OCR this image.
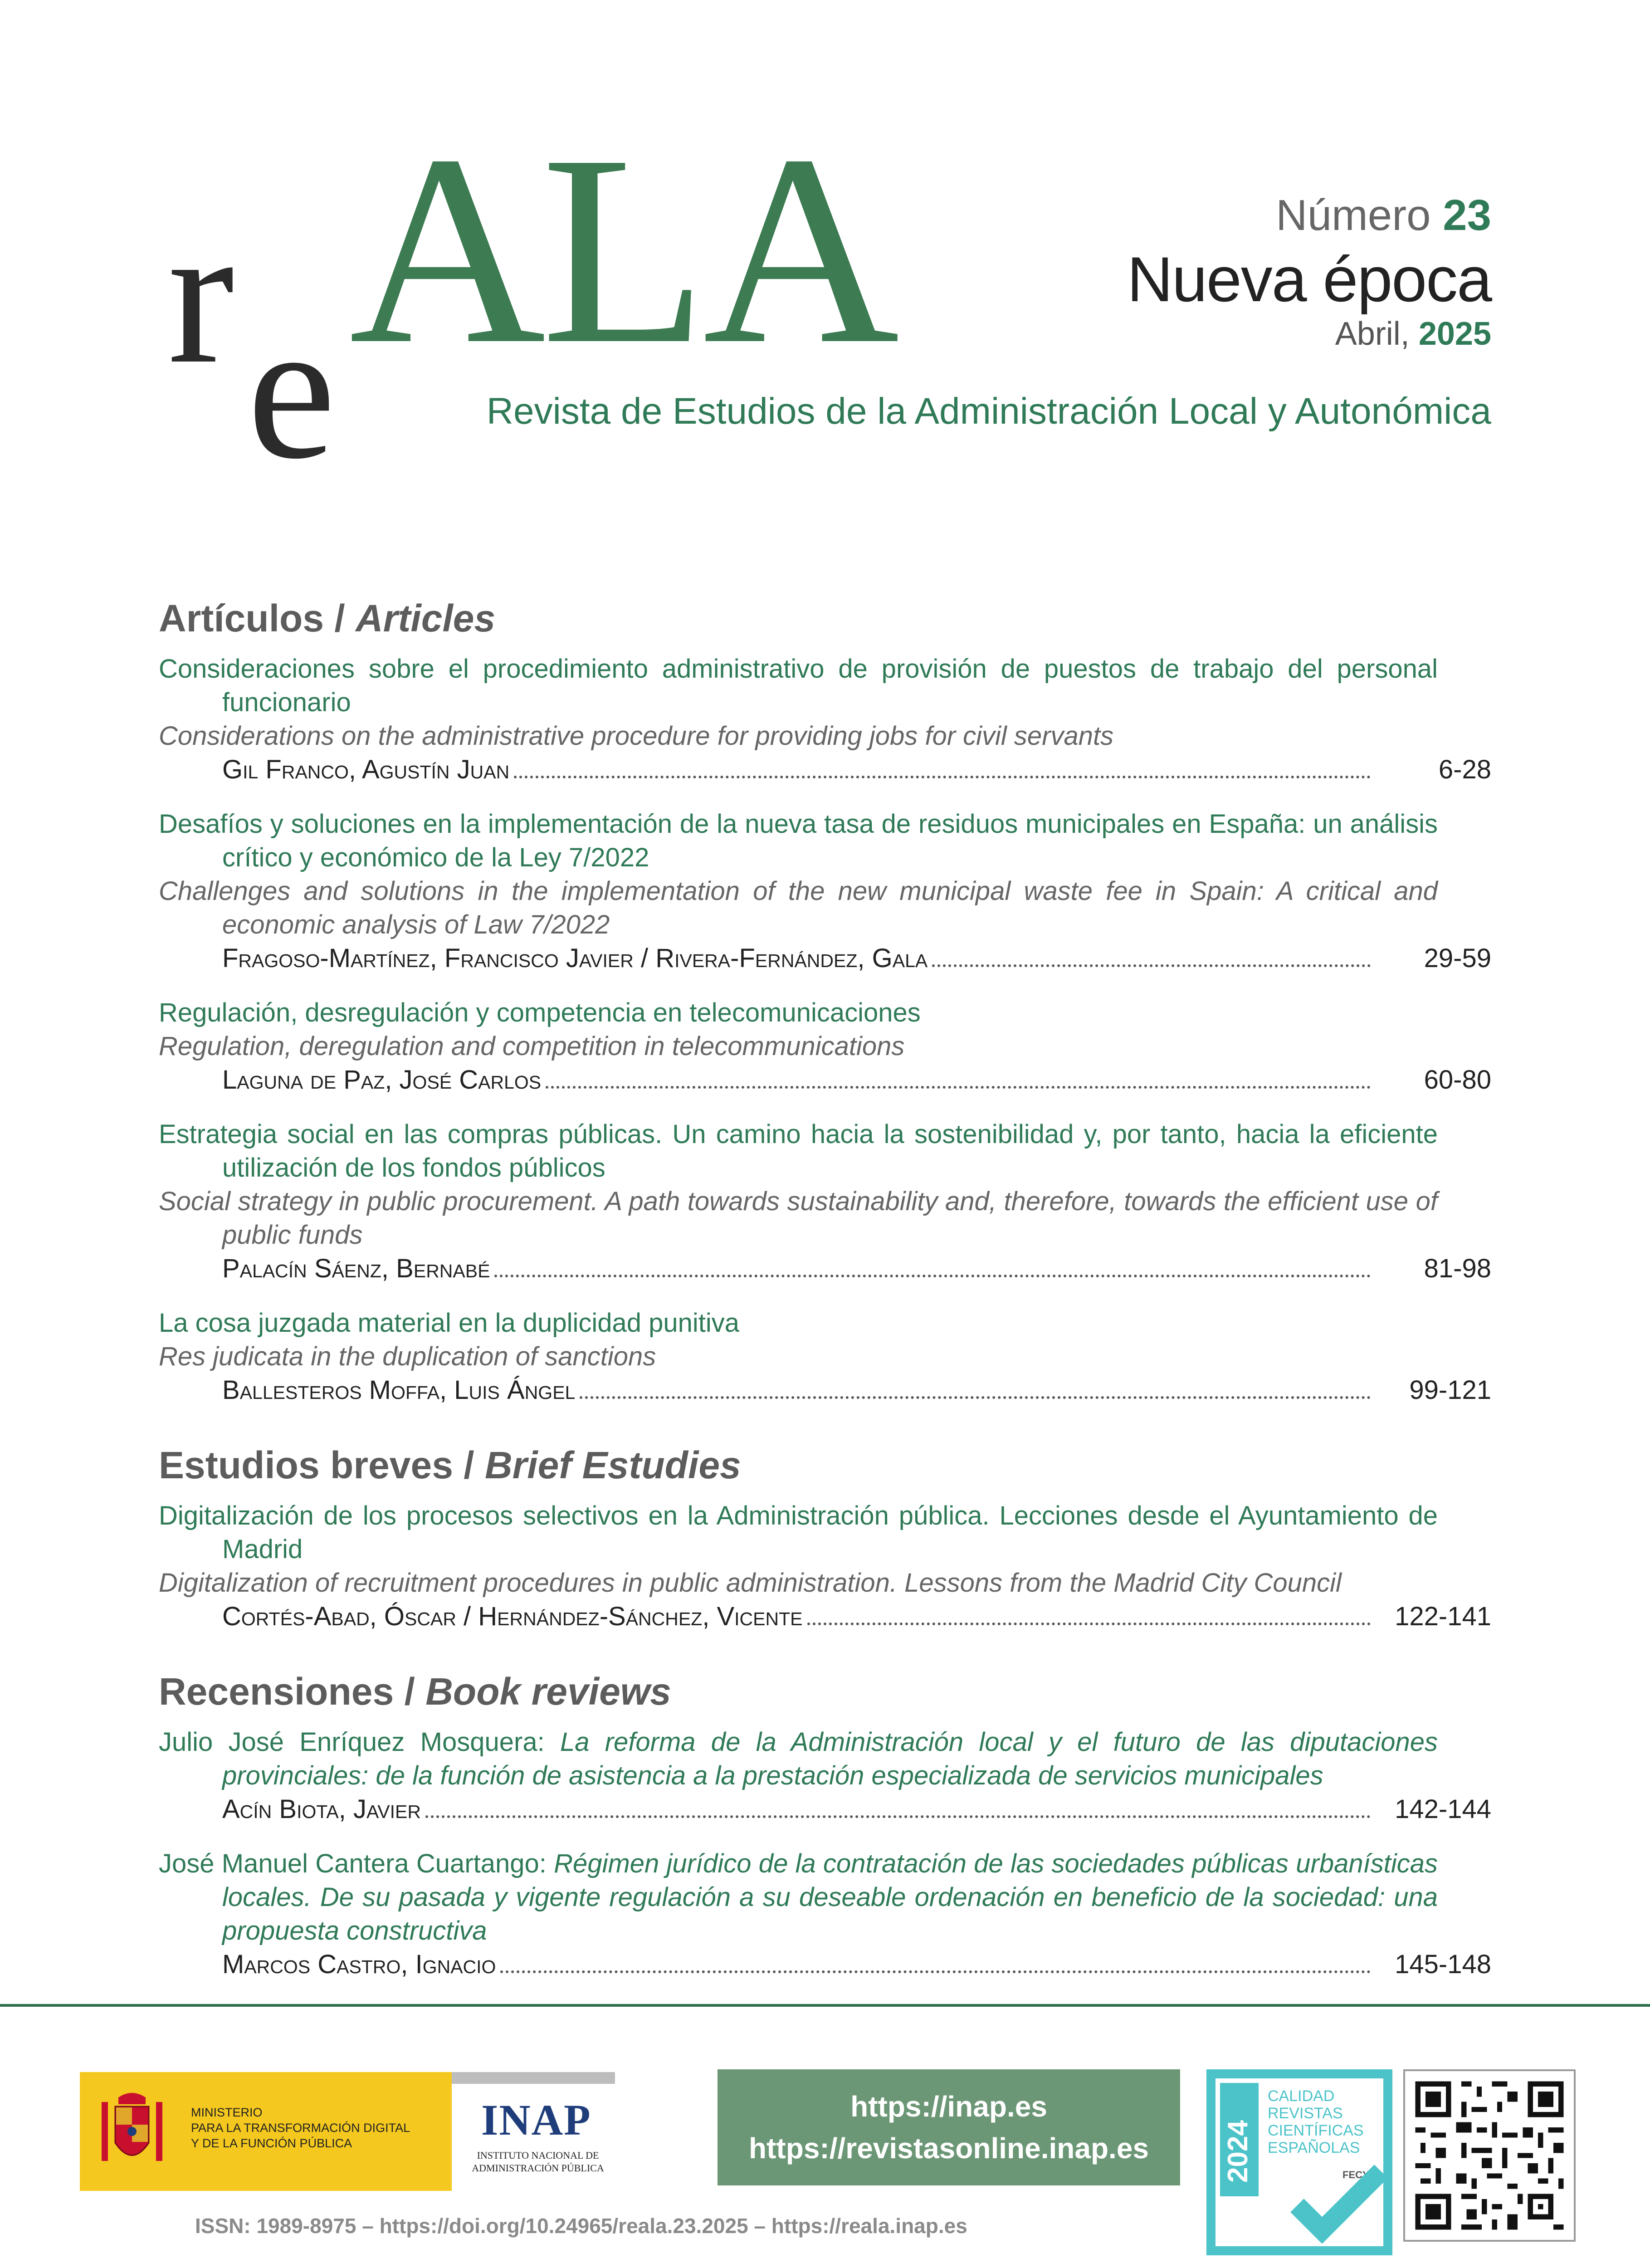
r e ALA	Número 23
Nueva época
Abril, 2025
Revista de Estudios de la Administración Local y Autonómica
Artículos / Articles
Consideraciones sobre el procedimiento administrativo de provisión de puestos de trabajo del personal funcionario
Considerations on the administrative procedure for providing jobs for civil servants
Gil Franco, Agustín Juan	6-28
Desafíos y soluciones en la implementación de la nueva tasa de residuos municipales en España: un análisis crítico y económico de la Ley 7/2022
Challenges and solutions in the implementation of the new municipal waste fee in Spain: A critical and economic analysis of Law 7/2022
Fragoso-Martínez, Francisco Javier / Rivera-Fernández, Gala	29-59
Regulación, desregulación y competencia en telecomunicaciones
Regulation, deregulation and competition in telecommunications
Laguna de Paz, José Carlos	60-80
Estrategia social en las compras públicas. Un camino hacia la sostenibilidad y, por tanto, hacia la eficiente utilización de los fondos públicos
Social strategy in public procurement. A path towards sustainability and, therefore, towards the efficient use of public funds
Palacín Sáenz, Bernabé	81-98
La cosa juzgada material en la duplicidad punitiva
Res judicata in the duplication of sanctions
Ballesteros Moffa, Luis Ángel	99-121
Estudios breves / Brief Estudies
Digitalización de los procesos selectivos en la Administración pública. Lecciones desde el Ayuntamiento de Madrid
Digitalization of recruitment procedures in public administration. Lessons from the Madrid City Council
Cortés-Abad, Óscar / Hernández-Sánchez, Vicente	122-141
Recensiones / Book reviews
Julio José Enríquez Mosquera: La reforma de la Administración local y el futuro de las diputaciones provinciales: de la función de asistencia a la prestación especializada de servicios municipales
Acín Biota, Javier	142-144
José Manuel Cantera Cuartango: Régimen jurídico de la contratación de las sociedades públicas urbanísticas locales. De su pasada y vigente regulación a su deseable ordenación en beneficio de la sociedad: una propuesta constructiva
Marcos Castro, Ignacio	145-148
MINISTERIO
PARA LA TRANSFORMACIÓN DIGITAL
Y DE LA FUNCIÓN PÚBLICA	INAP
INSTITUTO NACIONAL DE
ADMINISTRACIÓN PÚBLICA
https://inap.es
https://revistasonline.inap.es	2024
CALIDAD
REVISTAS
CIENTÍFICAS
ESPAÑOLAS
FECYT
ISSN: 1989-8975 – https://doi.org/10.24965/reala.23.2025 – https://reala.inap.es
